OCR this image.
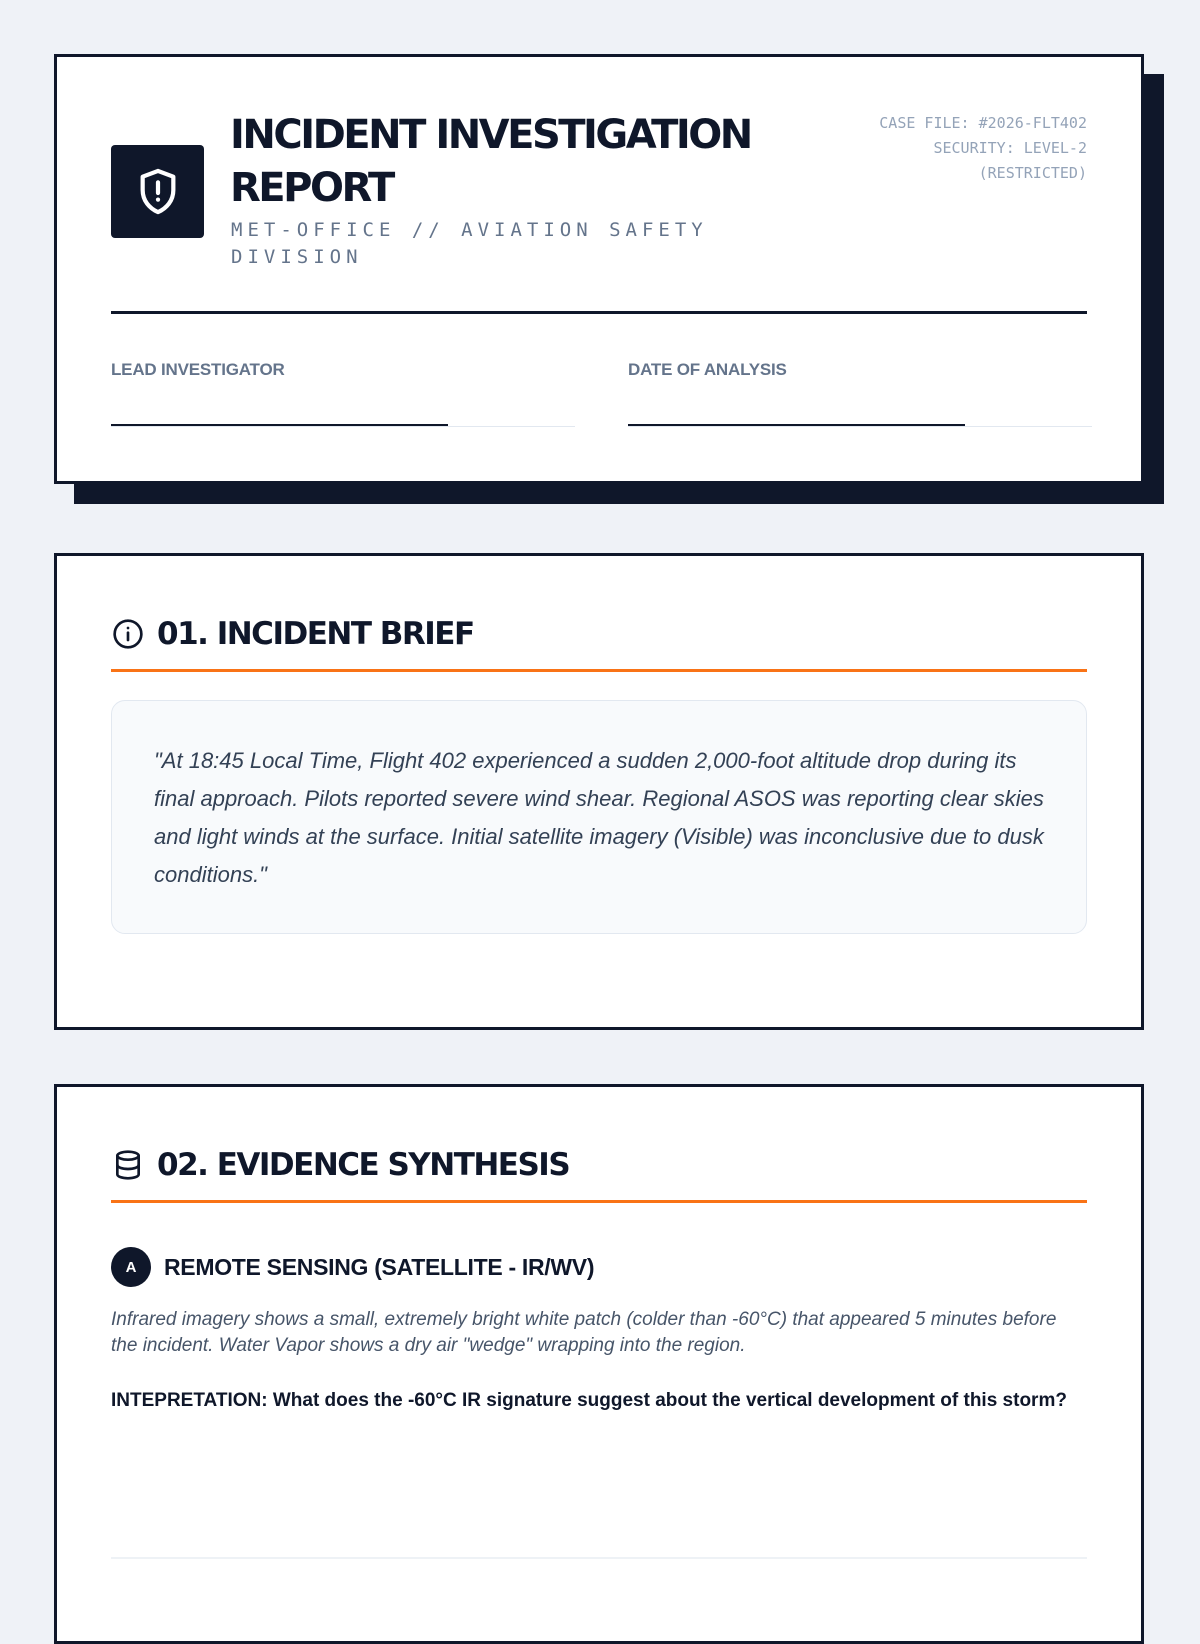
INCIDENT INVESTIGATION REPORT
MET-OFFICE // AVIATION SAFETY DIVISION
CASE FILE: #2026-FLT402
SECURITY: LEVEL-2
(RESTRICTED)
LEAD INVESTIGATOR	DATE OF ANALYSIS
01. INCIDENT BRIEF
"At 18:45 Local Time, Flight 402 experienced a sudden 2,000-foot altitude drop during its final approach. Pilots reported severe wind shear. Regional ASOS was reporting clear skies and light winds at the surface. Initial satellite imagery (Visible) was inconclusive due to dusk conditions."
02. EVIDENCE SYNTHESIS
A	REMOTE SENSING (SATELLITE - IR/WV)
Infrared imagery shows a small, extremely bright white patch (colder than -60°C) that appeared 5 minutes before the incident. Water Vapor shows a dry air "wedge" wrapping into the region.
INTEPRETATION: What does the -60°C IR signature suggest about the vertical development of this storm?
